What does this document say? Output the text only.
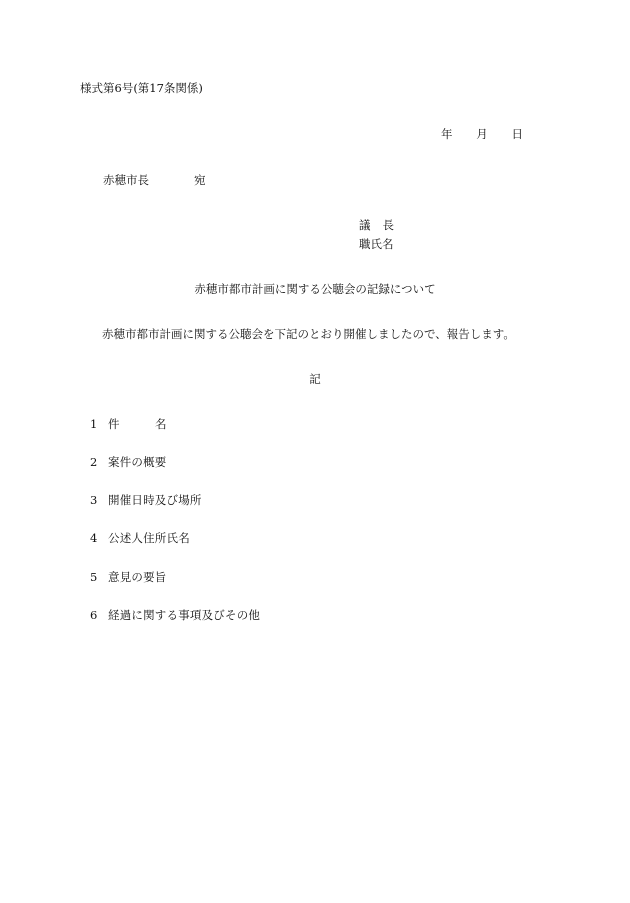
様式第6号(第17条関係)
年 月 日
赤穂市長	宛
議 長
職氏名
赤穂市都市計画に関する公聴会の記録について
赤穂市都市計画に関する公聴会を下記のとおり開催しましたので、報告します。
記
1 件	名
2 案件の概要
3 開催日時及び場所
4 公述人住所氏名
5 意見の要旨
6 経過に関する事項及びその他
